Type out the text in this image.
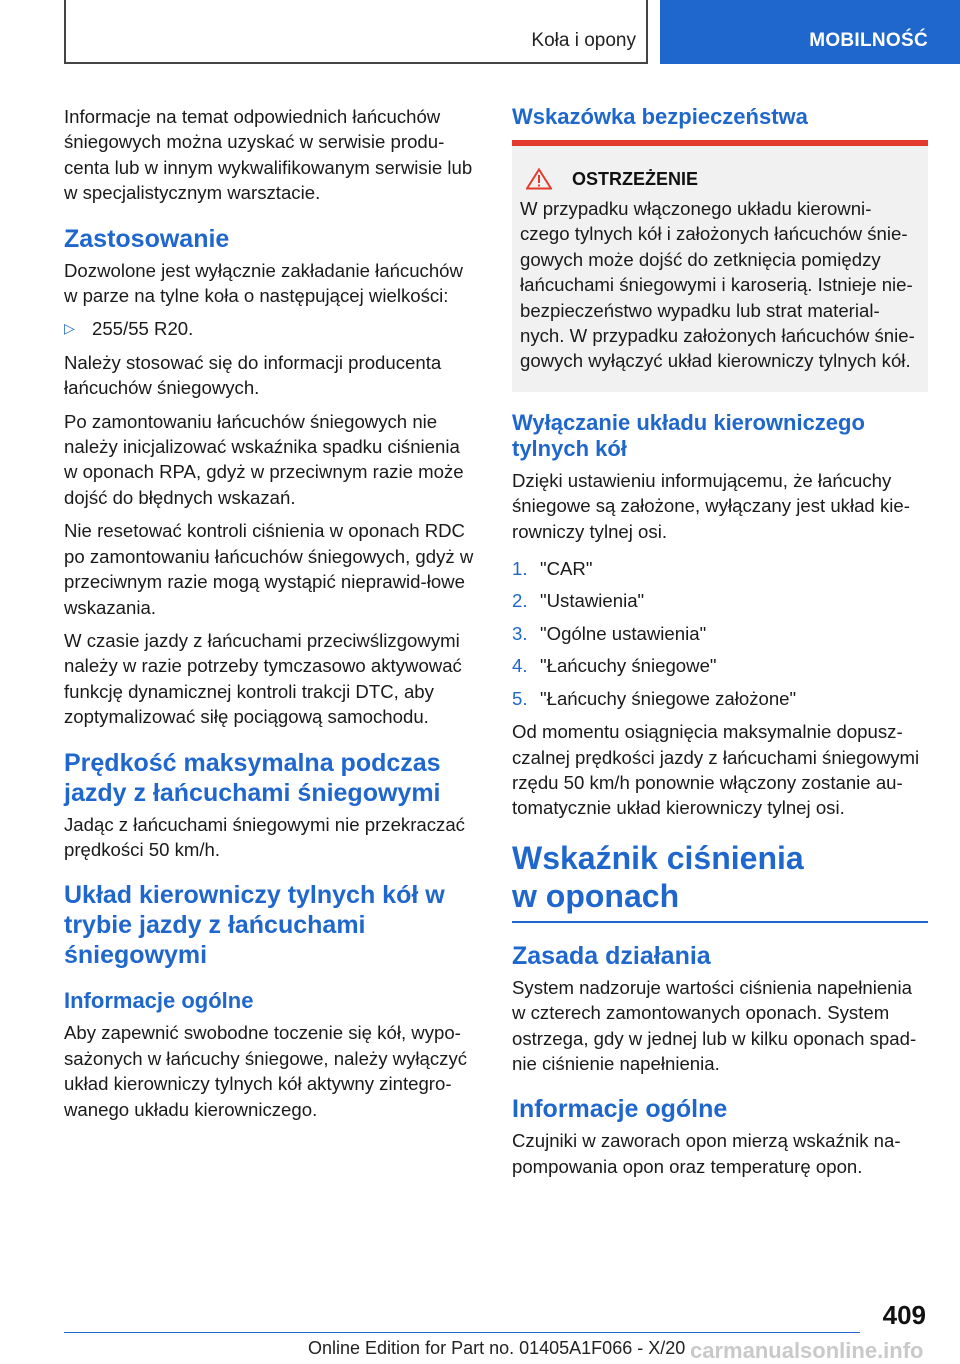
Koła i opony	MOBILNOŚĆ

Informacje na temat odpowiednich łańcuchów śniegowych można uzyskać w serwisie produ-centa lub w innym wykwalifikowanym serwisie lub w specjalistycznym warsztacie.

Zastosowanie

Dozwolone jest wyłącznie zakładanie łańcuchów w parze na tylne koła o następującej wielkości:

▷ 255/55 R20.

Należy stosować się do informacji producenta łańcuchów śniegowych.

Po zamontowaniu łańcuchów śniegowych nie należy inicjalizować wskaźnika spadku ciśnienia w oponach RPA, gdyż w przeciwnym razie może dojść do błędnych wskazań.

Nie resetować kontroli ciśnienia w oponach RDC po zamontowaniu łańcuchów śniegowych, gdyż w przeciwnym razie mogą wystąpić nieprawid-łowe wskazania.

W czasie jazdy z łańcuchami przeciwślizgowymi należy w razie potrzeby tymczasowo aktywować funkcję dynamicznej kontroli trakcji DTC, aby zoptymalizować siłę pociągową samochodu.

Prędkość maksymalna podczas jazdy z łańcuchami śniegowymi

Jadąc z łańcuchami śniegowymi nie przekraczać prędkości 50 km/h.

Układ kierowniczy tylnych kół w trybie jazdy z łańcuchami śniegowymi
Informacje ogólne

Aby zapewnić swobodne toczenie się kół, wypo-sażonych w łańcuchy śniegowe, należy wyłączyć układ kierowniczy tylnych kół aktywny zintegro-wanego układu kierowniczego.

Wskazówka bezpieczeństwa
OSTRZEŻENIE

W przypadku włączonego układu kierowni-czego tylnych kół i założonych łańcuchów śnie-gowych może dojść do zetknięcia pomiędzy łańcuchami śniegowymi i karoserią. Istnieje nie-bezpieczeństwo wypadku lub strat material-nych. W przypadku założonych łańcuchów śnie-gowych wyłączyć układ kierowniczy tylnych kół.

Wyłączanie układu kierowniczego tylnych kół

Dzięki ustawieniu informującemu, że łańcuchy śniegowe są założone, wyłączany jest układ kie-rowniczy tylnej osi.

1. "CAR"
2. "Ustawienia"
3. "Ogólne ustawienia"
4. "Łańcuchy śniegowe"
5. "Łańcuchy śniegowe założone"

Od momentu osiągnięcia maksymalnie dopusz-czalnej prędkości jazdy z łańcuchami śniegowymi rzędu 50 km/h ponownie włączony zostanie au-tomatycznie układ kierowniczy tylnej osi.

Wskaźnik ciśnienia
w oponach
Zasada działania

System nadzoruje wartości ciśnienia napełnienia w czterech zamontowanych oponach. System ostrzega, gdy w jednej lub w kilku oponach spad-nie ciśnienie napełnienia.

Informacje ogólne

Czujniki w zaworach opon mierzą wskaźnik na-pompowania opon oraz temperaturę opon.

409
Online Edition for Part no. 01405A1F066 - X/20 carmanualsonline.info
